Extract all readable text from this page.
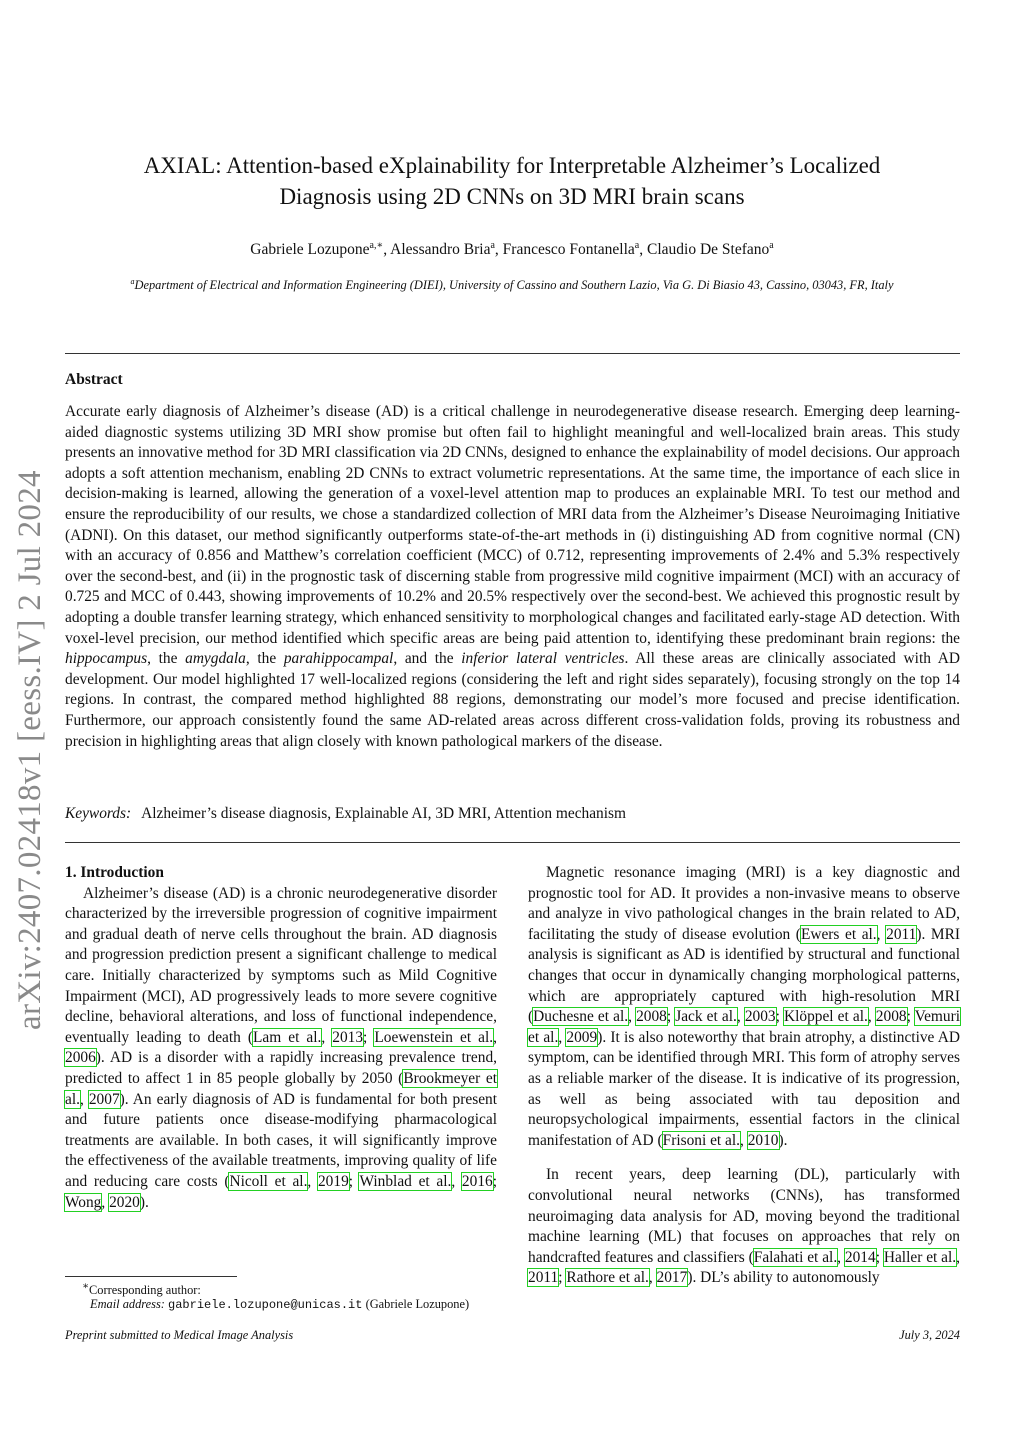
arXiv:2407.02418v1 [eess.IV] 2 Jul 2024
AXIAL: Attention-based eXplainability for Interpretable Alzheimer’s Localized
Diagnosis using 2D CNNs on 3D MRI brain scans
Gabriele Lozupone$^{a,∗}$, Alessandro Bria$^a$, Francesco Fontanella$^a$, Claudio De Stefano$^a$
$^a$Department of Electrical and Information Engineering (DIEI), University of Cassino and Southern Lazio, Via G. Di Biasio 43, Cassino, 03043, FR, Italy
Abstract

Accurate early diagnosis of Alzheimer’s disease (AD) is a critical challenge in neurodegenerative disease research. Emerging deep learning-aided diagnostic systems utilizing 3D MRI show promise but often fail to highlight meaningful and well-localized brain areas. This study presents an innovative method for 3D MRI classification via 2D CNNs, designed to enhance the explainability of model decisions. Our approach adopts a soft attention mechanism, enabling 2D CNNs to extract volumetric representations. At the same time, the importance of each slice in decision-making is learned, allowing the generation of a voxel-level attention map to produces an explainable MRI. To test our method and ensure the reproducibility of our results, we chose a standardized collection of MRI data from the Alzheimer’s Disease Neuroimaging Initiative (ADNI). On this dataset, our method significantly outperforms state-of-the-art methods in (i) distinguishing AD from cognitive normal (CN) with an accuracy of 0.856 and Matthew’s correlation coefficient (MCC) of 0.712, representing improvements of 2.4% and 5.3% respectively over the second-best, and (ii) in the prognostic task of discerning stable from progressive mild cognitive impairment (MCI) with an accuracy of 0.725 and MCC of 0.443, showing improvements of 10.2% and 20.5% respectively over the second-best. We achieved this prognostic result by adopting a double transfer learning strategy, which enhanced sensitivity to morphological changes and facilitated early-stage AD detection. With voxel-level precision, our method identified which specific areas are being paid attention to, identifying these predominant brain regions: the hippocampus, the amygdala, the parahippocampal, and the inferior lateral ventricles. All these areas are clinically associated with AD development. Our model highlighted 17 well-localized regions (considering the left and right sides separately), focusing strongly on the top 14 regions. In contrast, the compared method highlighted 88 regions, demonstrating our model’s more focused and precise identification. Furthermore, our approach consistently found the same AD-related areas across different cross-validation folds, proving its robustness and precision in highlighting areas that align closely with known pathological markers of the disease.

Keywords: Alzheimer’s disease diagnosis, Explainable AI, 3D MRI, Attention mechanism

1. Introduction

Alzheimer’s disease (AD) is a chronic neurodegenerative disorder characterized by the irreversible progression of cognitive impairment and gradual death of nerve cells throughout the brain. AD diagnosis and progression prediction present a significant challenge to medical care. Initially characterized by symptoms such as Mild Cognitive Impairment (MCI), AD progressively leads to more severe cognitive decline, behavioral alterations, and loss of functional independence, eventually leading to death (Lam et al., 2013; Loewenstein et al., 2006). AD is a disorder with a rapidly increasing prevalence trend, predicted to affect 1 in 85 people globally by 2050 (Brookmeyer et al., 2007). An early diagnosis of AD is fundamental for both present and future patients once disease-modifying pharmacological treatments are available. In both cases, it will significantly improve the effectiveness of the available treatments, improving quality of life and reducing care costs (Nicoll et al., 2019; Winblad et al., 2016; Wong, 2020).

Magnetic resonance imaging (MRI) is a key diagnostic and prognostic tool for AD. It provides a non-invasive means to observe and analyze in vivo pathological changes in the brain related to AD, facilitating the study of disease evolution (Ewers et al., 2011). MRI analysis is significant as AD is identified by structural and functional changes that occur in dynamically changing morphological patterns, which are appropriately captured with high-resolution MRI (Duchesne et al., 2008; Jack et al., 2003; Klöppel et al., 2008; Vemuri et al., 2009). It is also noteworthy that brain atrophy, a distinctive AD symptom, can be identified through MRI. This form of atrophy serves as a reliable marker of the disease. It is indicative of its progression, as well as being associated with tau deposition and neuropsychological impairments, essential factors in the clinical manifestation of AD (Frisoni et al., 2010).

In recent years, deep learning (DL), particularly with convolutional neural networks (CNNs), has transformed neuroimaging data analysis for AD, moving beyond the traditional machine learning (ML) that focuses on approaches that rely on handcrafted features and classifiers (Falahati et al., 2014; Haller et al., 2011; Rathore et al., 2017). DL’s ability to autonomously

∗Corresponding author:
Email address: gabriele.lozupone@unicas.it (Gabriele Lozupone)
Preprint submitted to Medical Image Analysis	July 3, 2024
